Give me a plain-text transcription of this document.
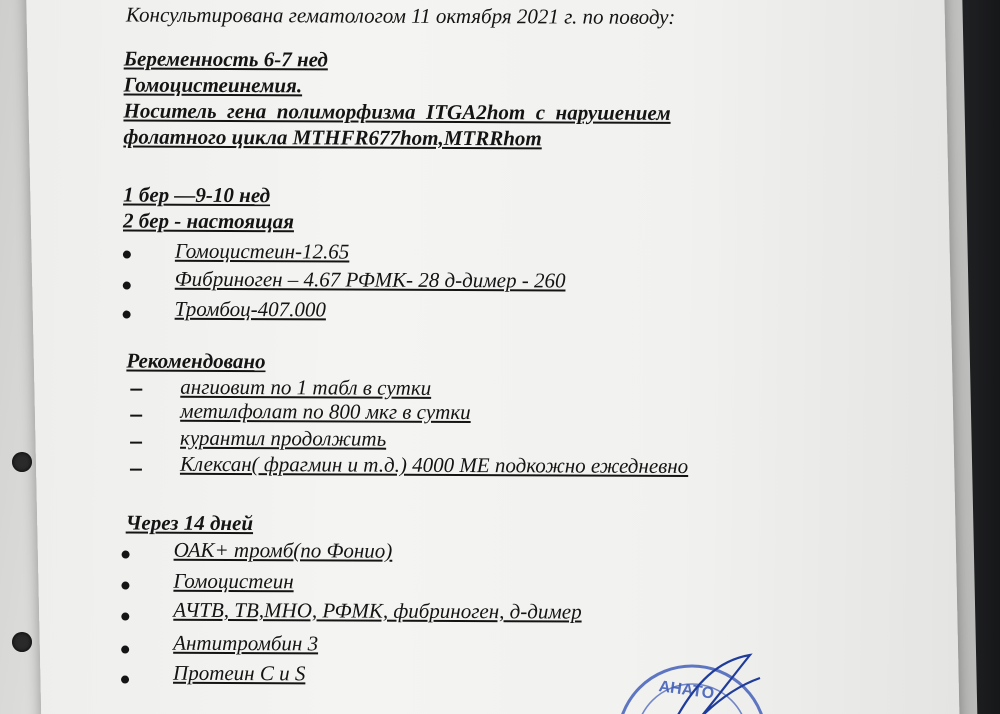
Консультирована гематологом 11 октября 2021 г. по поводу:
Беременность 6-7 нед
Гомоцистеинемия.
Носитель  гена  полиморфизма  ITGA2hom  с  нарушением
фолатного цикла MTHFR677hom,MTRRhom
1 бер —9-10 нед
2 бер - настоящая
Гомоцистеин-12.65
Фибриноген – 4.67 РФМК- 28 д-димер - 260
Тромбоц-407.000
Рекомендовано
ангиовит по 1 табл в сутки
метилфолат по 800 мкг в сутки
курантил продолжить
Клексан( фрагмин и т.д.) 4000 МЕ подкожно ежедневно
Через 14 дней
ОАК+ тромб(по Фонио)
Гомоцистеин
АЧТВ, ТВ,МНО, РФМК, фибриноген, д-димер
Антитромбин 3
Протеин С и S
АНАТО
